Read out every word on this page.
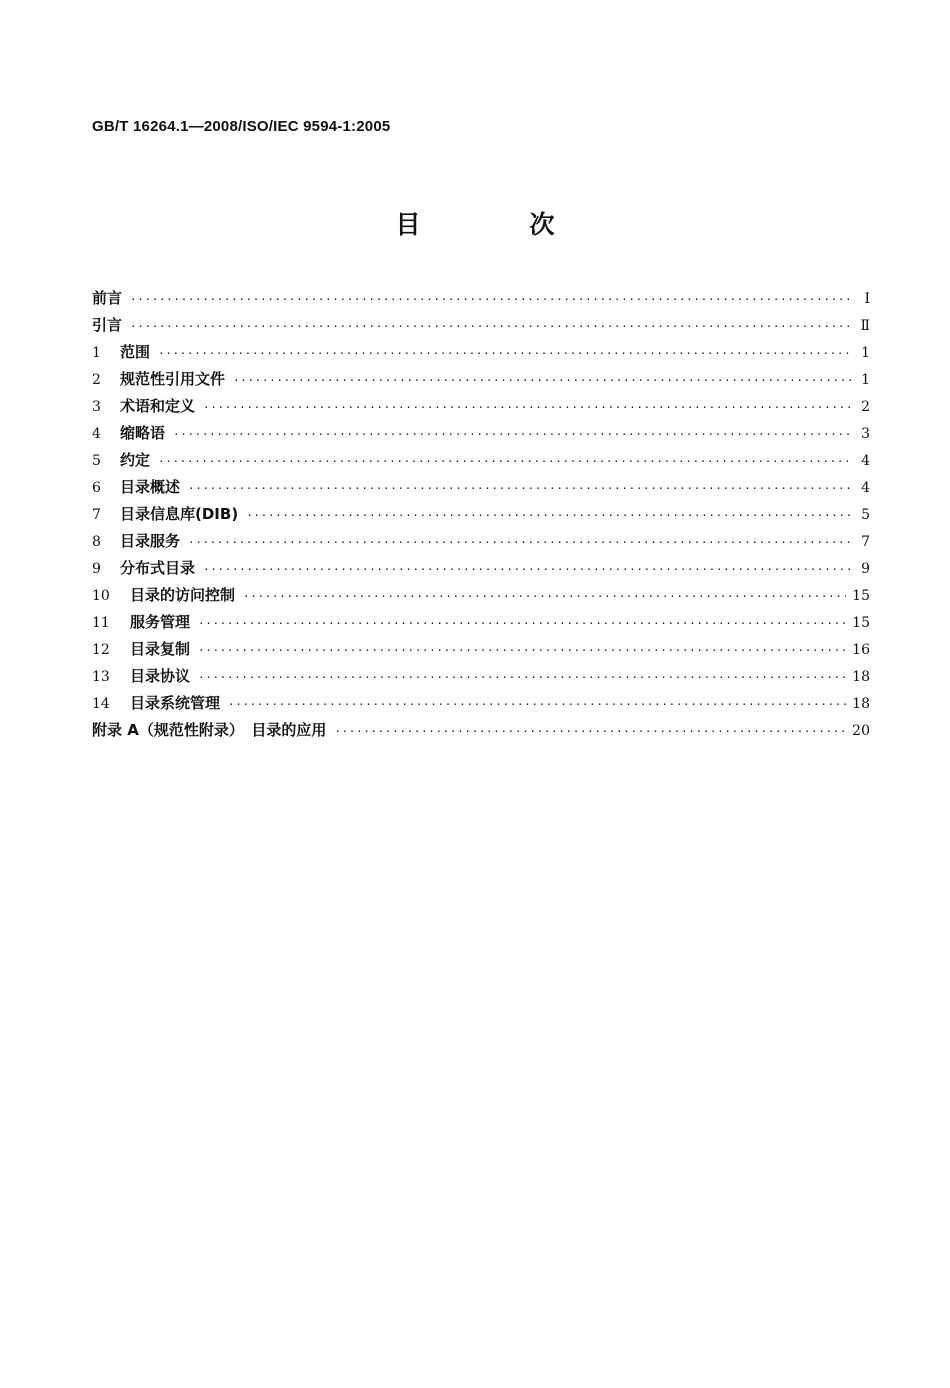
GB/T 16264.1—2008/ISO/IEC 9594-1:2005
目　次
前言 ·····	Ⅰ
引言 ·····	Ⅱ
1	范围 ·····	1
2	规范性引用文件 ·····	1
3	术语和定义 ·····	2
4	缩略语 ·····	3
5	约定 ·····	4
6	目录概述 ·····	4
7	目录信息库(DIB) ·····	5
8	目录服务 ·····	7
9	分布式目录 ·····	9
10	目录的访问控制 ·····	15
11	服务管理 ·····	15
12	目录复制 ·····	16
13	目录协议 ·····	18
14	目录系统管理 ·····	18
附录 A（规范性附录）　目录的应用 ·····	20
